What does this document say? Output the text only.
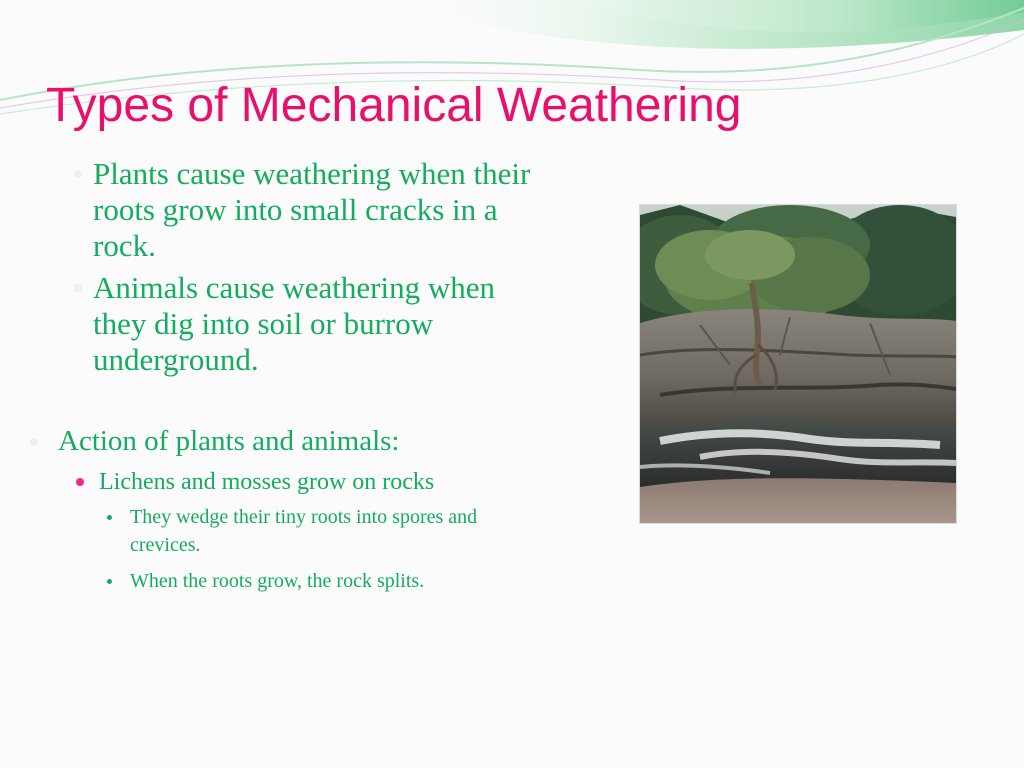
Types of Mechanical Weathering
Plants cause weathering when their roots grow into small cracks in a rock.
Animals cause weathering when they dig into soil or burrow underground.
Action of plants and animals:
Lichens and mosses grow on rocks
They wedge their tiny roots into spores and crevices.
When the roots grow, the rock splits.
